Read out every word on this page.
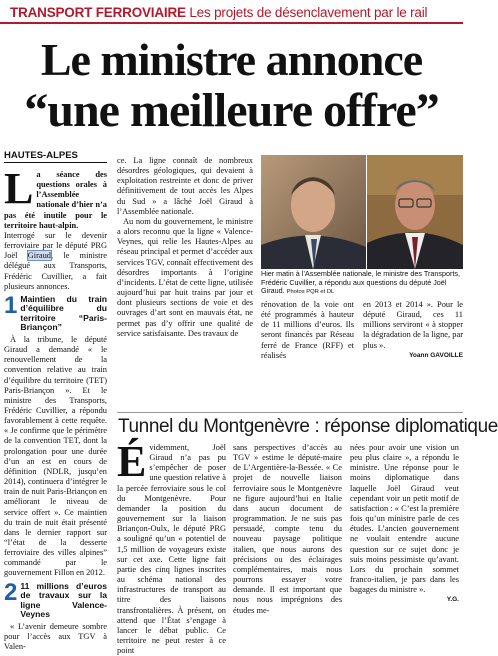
TRANSPORT FERROVIAIRE Les projets de désenclavement par le rail
Le ministre annonce
“une meilleure offre”
HAUTES-ALPES
L a séance des questions orales à l’Assemblée nationale d’hier n’a pas été inutile pour le territoire haut-alpin.

Interrogé sur le devenir ferroviaire par le député PRG Joël Giraud, le ministre délégué aux Transports, Frédéric Cuvillier, a fait plusieurs annonces.

1 Maintien du train d’équilibre du territoire “Paris-Briançon”

À la tribune, le député Giraud a demandé « le renouvellement de la convention relative au train d’équilibre du territoire (TET) Paris-Briançon ». Et le ministre des Transports, Frédéric Cuvillier, a répondu favorablement à cette requête. « Je confirme que le périmètre de la convention TET, dont la prolongation pour une durée d’un an est en cours de définition (NDLR, jusqu’en 2014), continuera d’intégrer le train de nuit Paris-Briançon en améliorant le niveau de service offert ». Ce maintien du train de nuit était présenté dans le dernier rapport sur “l’état de la desserte ferroviaire des villes alpines” commandé par le gouvernement Fillon en 2012.

2 11 millions d’euros de travaux sur la ligne Valence-Veynes

« L’avenir demeure sombre pour l’accès aux TGV à Valen-

ce. La ligne connaît de nombreux désordres géologiques, qui devaient à exploitation restreinte et donc de priver définitivement de tout accès les Alpes du Sud » a lâché Joël Giraud à l’Assemblée nationale.

Au nom du gouvernement, le ministre a alors reconnu que la ligne « Valence-Veynes, qui relie les Hautes-Alpes au réseau principal et permet d’accéder aux services TGV, connaît effectivement des désordres importants à l’origine d’incidents. L’état de cette ligne, utilisée aujourd’hui par huit trains par jour et dont plusieurs sections de voie et des ouvrages d’art sont en mauvais état, ne permet pas d’y offrir une qualité de service satisfaisante. Des travaux de

Hier matin à l’Assemblée nationale, le ministre des Transports, Frédéric Cuvillier, a répondu aux questions du député Joël Giraud. Photos PQR et DL

rénovation de la voie ont été programmés à hauteur de 11 millions d’euros. Ils seront financés par Réseau ferré de France (RFF) et réalisés

en 2013 et 2014 ». Pour le député Giraud, ces 11 millions serviront « à stopper la dégradation de la ligne, par plus ».

Yoann GAVOILLE
Tunnel du Montgenèvre : réponse diplomatique
É videmment, Joël Giraud n’a pas pu s’empêcher de poser une question relative à la percée ferroviaire sous le col du Montgenèvre. Pour demander la position du gouvernement sur la liaison Briançon-Oulx, le député PRG a souligné qu’un « potentiel de 1,5 million de voyageurs existe sur cet axe. Cette ligne fait partie des cinq lignes inscrites au schéma national des infrastructures de transport au titre des liaisons transfrontalières. À présent, on attend que l’État s’engage à lancer le débat public. Ce territoire ne peut rester à ce point

sans perspectives d’accès au TGV » estime le député-maire de L’Argentière-la-Bessée. « Ce projet de nouvelle liaison ferroviaire sous le Montgenèvre ne figure aujourd’hui en Italie dans aucun document de programmation. Je ne suis pas persuadé, compte tenu du nouveau paysage politique italien, que nous aurons des précisions ou des éclairages complémentaires, mais nous pourrons essayer votre demande. Il est important que nous nous imprégnions des études me-

nées pour avoir une vision un peu plus claire », a répondu le ministre. Une réponse pour le moins diplomatique dans laquelle Joël Giraud veut cependant voir un petit motif de satisfaction : « C’est la première fois qu’un ministre parle de ces études. L’ancien gouvernement ne voulait entendre aucune question sur ce sujet donc je suis moins pessimiste qu’avant. Lors du prochain sommet franco-italien, je pars dans les bagages du ministre ».

Y.G.
